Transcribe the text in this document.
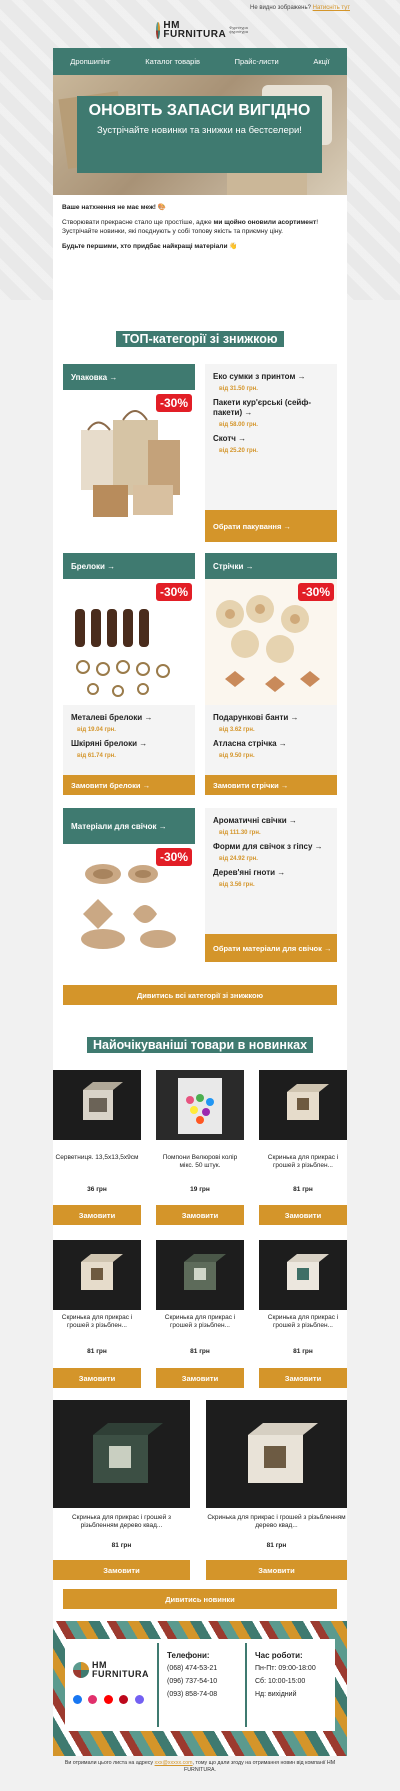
Не видно зображень? Натисніть тут
НМ
FURNITURA
Фурнітура
фурнітура
Дропшипінг	Каталог товарів	Прайс-листи	Акції
ОНОВІТЬ ЗАПАСИ ВИГІДНО
Зустрічайте новинки та знижки на бестселери!

Ваше натхнення не має меж! 🎨

Створювати прекрасне стало ще простіше, адже ми щойно оновили асортимент! Зустрічайте новинки, які поєднують у собі топову якість та приємну ціну.

Будьте першими, хто придбає найкращі матеріали 👋

ТОП-категорії зі знижкою
Упаковка →
-30%
Еко сумки з принтом →
від 31.50 грн.
Пакети кур'єрські (сейф-пакети) →
від 58.00 грн.
Скотч →
від 25.20 грн.
Обрати пакування →
Брелоки →
-30%
Металеві брелоки →
від 19.04 грн.
Шкіряні брелоки →
від 61.74 грн.
Замовити брелоки →
Стрічки →
-30%
Подарункові банти →
від 3.62 грн.
Атласна стрічка →
від 9.50 грн.
Замовити стрічки →
Матеріали для свічок →
-30%
Ароматичні свічки →
від 111.30 грн.
Форми для свічок з гіпсу →
від 24.92 грн.
Дерев'яні гноти →
від 3.56 грн.
Обрати матеріали для свічок →
Дивитись всі категорії зі знижкою
Найочікуваніші товари в новинках
Серветниця. 13,5х13,5х9см
36 грн
Замовити
Помпони Велюрові колір мікс. 50 штук.
19 грн
Замовити
Скринька для прикрас і грошей з різьблен...
81 грн
Замовити
Скринька для прикрас і грошей з різьблен...
81 грн
Замовити
Скринька для прикрас і грошей з різьблен...
81 грн
Замовити
Скринька для прикрас і грошей з різьблен...
81 грн
Замовити
Скринька для прикрас і грошей з різьбленням дерево квад...
81 грн
Замовити
Скринька для прикрас і грошей з різьбленням дерево квад...
81 грн
Замовити
Дивитись новинки
НМ
FURNITURA

Телефони:
(068) 474-53-21
(096) 737-54-10
(093) 858-74-08
Час роботи:
Пн-Пт: 09:00-18:00
Сб: 10:00-15:00
Нд: вихідний
Ви отримали цього листа на адресу ххх@ххххх.com, тому що дали згоду на отримання новин від компанії НМ FURNITURA.
